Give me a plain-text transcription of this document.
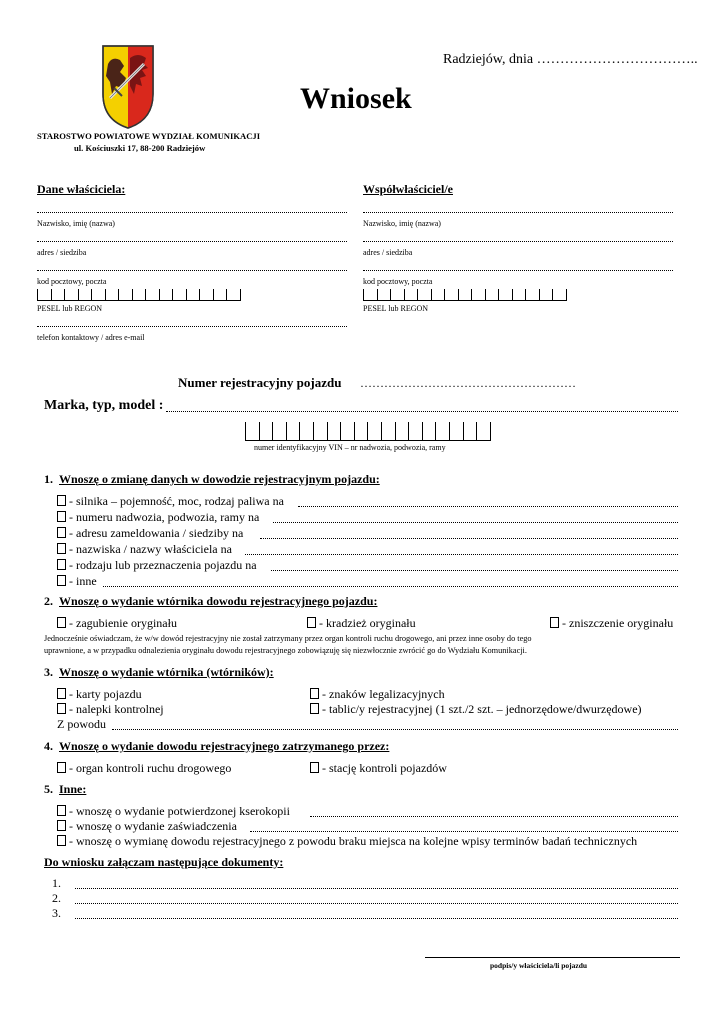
Radziejów, dnia ……………………………..
Wniosek
STAROSTWO POWIATOWE WYDZIAŁ KOMUNIKACJI
ul. Kościuszki 17, 88-200 Radziejów
Dane właściciela:
Nazwisko, imię (nazwa)
adres / siedziba
kod pocztowy, poczta
PESEL lub REGON
telefon kontaktowy / adres e-mail
Współwłaściciel/e
Nazwisko, imię (nazwa)
adres / siedziba
kod pocztowy, poczta
PESEL lub REGON
Numer rejestracyjny pojazdu ………………………………………………
Marka, typ, model :
numer identyfikacyjny VIN – nr nadwozia, podwozia, ramy
1. Wnoszę o zmianę danych w dowodzie rejestracyjnym pojazdu:
- silnika – pojemność, moc, rodzaj paliwa na
- numeru nadwozia, podwozia, ramy na
- adresu zameldowania / siedziby na
- nazwiska / nazwy właściciela na
- rodzaju lub przeznaczenia pojazdu na
- inne
2. Wnoszę o wydanie wtórnika dowodu rejestracyjnego pojazdu:
- zagubienie oryginału	- kradzież oryginału	- zniszczenie oryginału
Jednocześnie oświadczam, że w/w dowód rejestracyjny nie został zatrzymany przez organ kontroli ruchu drogowego, ani przez inne osoby do tego
uprawnione, a w przypadku odnalezienia oryginału dowodu rejestracyjnego zobowiązuję się niezwłocznie zwrócić go do Wydziału Komunikacji.
3. Wnoszę o wydanie wtórnika (wtórników):
- karty pojazdu	- znaków legalizacyjnych
- nalepki kontrolnej	- tablic/y rejestracyjnej (1 szt./2 szt. – jednorzędowe/dwurzędowe)
Z powodu
4. Wnoszę o wydanie dowodu rejestracyjnego zatrzymanego przez:
- organ kontroli ruchu drogowego	- stację kontroli pojazdów
5. Inne:
- wnoszę o wydanie potwierdzonej kserokopii
- wnoszę o wydanie zaświadczenia
- wnoszę o wymianę dowodu rejestracyjnego z powodu braku miejsca na kolejne wpisy terminów badań technicznych
Do wniosku załączam następujące dokumenty:
1.
2.
3.
podpis/y właściciela/li pojazdu
